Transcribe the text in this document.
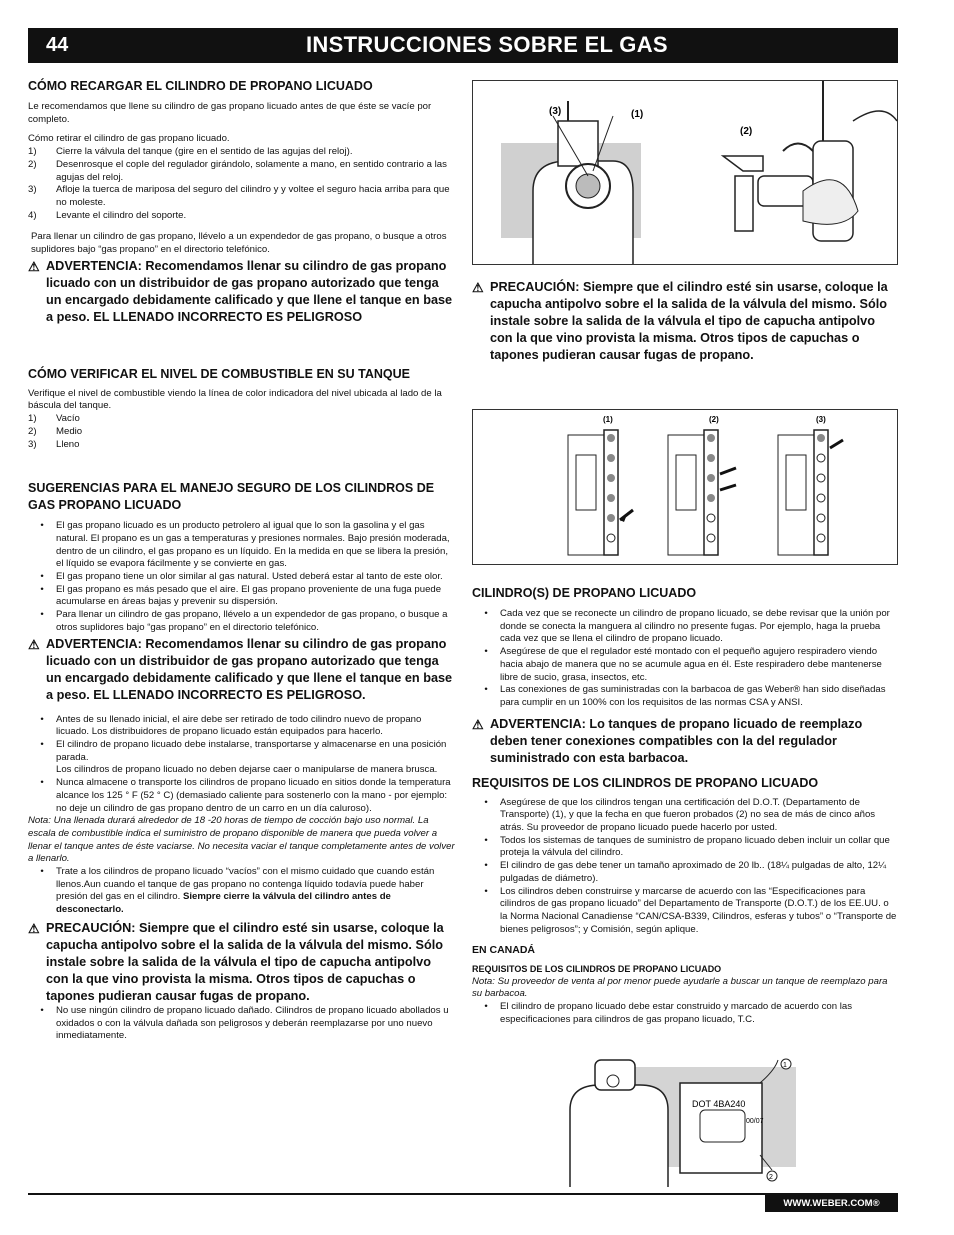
44	INSTRUCCIONES SOBRE EL GAS
CÓMO RECARGAR EL CILINDRO DE PROPANO LICUADO

Le recomendamos que llene su cilindro de gas propano licuado antes de que éste se vacíe por completo.

Cómo retirar el cilindro de gas propano licuado.

1)	Cierre la válvula del tanque (gire en el sentido de las agujas del reloj).
2)	Desenrosque el copIe del regulador girándolo, solamente a mano, en sentido contrario a las agujas del reloj.
3)	Afloje la tuerca de mariposa del seguro del cilindro y y voltee el seguro hacia arriba para que no moleste.
4)	Levante el cilindro del soporte.

Para llenar un cilindro de gas propano, llévelo a un expendedor de gas propano, o busque a otros suplidores bajo “gas propano” en el directorio telefónico.

⚠ ADVERTENCIA: Recomendamos llenar su cilindro de gas propano licuado con un distribuidor de gas propano autorizado que tenga un encargado debidamente calificado y que llene el tanque en base a peso. EL LLENADO INCORRECTO ES PELIGROSO
CÓMO VERIFICAR EL NIVEL DE COMBUSTIBLE EN SU TANQUE

Verifique el nivel de combustible viendo la línea de color indicadora del nivel ubicada al lado de la báscula del tanque.

1)	Vacío
2)	Medio
3)	Lleno
SUGERENCIAS PARA EL MANEJO SEGURO DE LOS CILINDROS DE GAS PROPANO LICUADO
•	El gas propano licuado es un producto petrolero al igual que lo son la gasolina y el gas natural. El propano es un gas a temperaturas y presiones normales. Bajo presión moderada, dentro de un cilindro, el gas propano es un líquido. En la medida en que se libera la presión, el líquido se evapora fácilmente y se convierte en gas.
•	El gas propano tiene un olor similar al gas natural. Usted deberá estar al tanto de este olor.
•	El gas propano es más pesado que el aire. El gas propano proveniente de una fuga puede acumularse en áreas bajas y prevenir su dispersión.
•	Para llenar un cilindro de gas propano, llévelo a un expendedor de gas propano, o busque a otros suplidores bajo “gas propano” en el directorio telefónico.
⚠ ADVERTENCIA: Recomendamos llenar su cilindro de gas propano licuado con un distribuidor de gas propano autorizado que tenga un encargado debidamente calificado y que llene el tanque en base a peso. EL LLENADO INCORRECTO ES PELIGROSO.
•	Antes de su llenado inicial, el aire debe ser retirado de todo cilindro nuevo de propano licuado. Los distribuidores de propano licuado están equipados para hacerlo.
•	El cilindro de propano licuado debe instalarse, transportarse y almacenarse en una posición parada.
Los cilindros de propano licuado no deben dejarse caer o manipularse de manera brusca.
•	Nunca almacene o transporte los cilindros de propano licuado en sitios donde la temperatura alcance los 125 ° F (52 ° C) (demasiado caliente para sostenerlo con la mano - por ejemplo: no deje un cilindro de gas propano dentro de un carro en un día caluroso).

Nota: Una llenada durará alrededor de 18 -20 horas de tiempo de cocción bajo uso normal. La escala de combustible indica el suministro de propano disponible de manera que pueda volver a llenar el tanque antes de éste vaciarse. No necesita vaciar el tanque completamente antes de volver a llenarlo.

•	Trate a los cilindros de propano licuado “vacíos” con el mismo cuidado que cuando están llenos.Aun cuando el tanque de gas propano no contenga líquido todavía puede haber presión del gas en el cilindro. Siempre cierre la válvula del cilindro antes de desconectarlo.
⚠ PRECAUCIÓN: Siempre que el cilindro esté sin usarse, coloque la capucha antipolvo sobre el la salida de la válvula del mismo. Sólo instale sobre la salida de la válvula el tipo de capucha antipolvo con la que vino provista la misma. Otros tipos de capuchas o tapones pudieran causar fugas de propano.
•	No use ningún cilindro de propano licuado dañado. Cilindros de propano licuado abollados u oxidados o con la válvula dañada son peligrosos y deberán reemplazarse por uno nuevo inmediatamente.
(3)	(1)
(2)
⚠ PRECAUCIÓN: Siempre que el cilindro esté sin usarse, coloque la capucha antipolvo sobre el la salida de la válvula del mismo. Sólo instale sobre la salida de la válvula el tipo de capucha antipolvo con la que vino provista la misma. Otros tipos de capuchas o tapones pudieran causar fugas de propano.
(1)	(2)	(3)
CILINDRO(S) DE PROPANO LICUADO
•	Cada vez que se reconecte un cilindro de propano licuado, se debe revisar que la unión por donde se conecta la manguera al cilindro no presente fugas. Por ejemplo, haga la prueba cada vez que se llena el cilindro de propano licuado.
•	Asegúrese de que el regulador esté montado con el pequeño agujero respiradero viendo hacia abajo de manera que no se acumule agua en él. Este respiradero debe mantenerse libre de sucio, grasa, insectos, etc.
•	Las conexiones de gas suministradas con la barbacoa de gas Weber® han sido diseñadas para cumplir en un 100% con los requisitos de las normas CSA y ANSI.
⚠ ADVERTENCIA: Lo tanques de propano licuado de reemplazo deben tener conexiones compatibles con la del regulador suministrado con esta barbacoa.
REQUISITOS DE LOS CILINDROS DE PROPANO LICUADO
•	Asegúrese de que los cilindros tengan una certificación del D.O.T. (Departamento de Transporte) (1), y que la fecha en que fueron probados (2) no sea de más de cinco años atrás. Su proveedor de propano licuado puede hacerlo por usted.
•	Todos los sistemas de tanques de suministro de propano licuado deben incluir un collar que proteja la válvula del cilindro.
•	El cilindro de gas debe tener un tamaño aproximado de 20 lb.. (18¼ pulgadas de alto, 12¼ pulgadas de diámetro).
•	Los cilindros deben construirse y marcarse de acuerdo con las “Especificaciones para cilindros de gas propano licuado” del Departamento de Transporte (D.O.T.) de los EE.UU. o la Norma Nacional Canadiense “CAN/CSA-B339, Cilindros, esferas y tubos” o “Transporte de bienes peligrosos”; y Comisión, según aplique.

EN CANADÁ

REQUISITOS DE LOS CILINDROS DE PROPANO LICUADO

Nota: Su proveedor de venta al por menor puede ayudarle a buscar un tanque de reemplazo para su barbacoa.

•	El cilindro de propano licuado debe estar construido y marcado de acuerdo con las especificaciones para cilindros de gas propano licuado, T.C.
DOT 4BA240
00/07
1
2
WWW.WEBER.COM®
